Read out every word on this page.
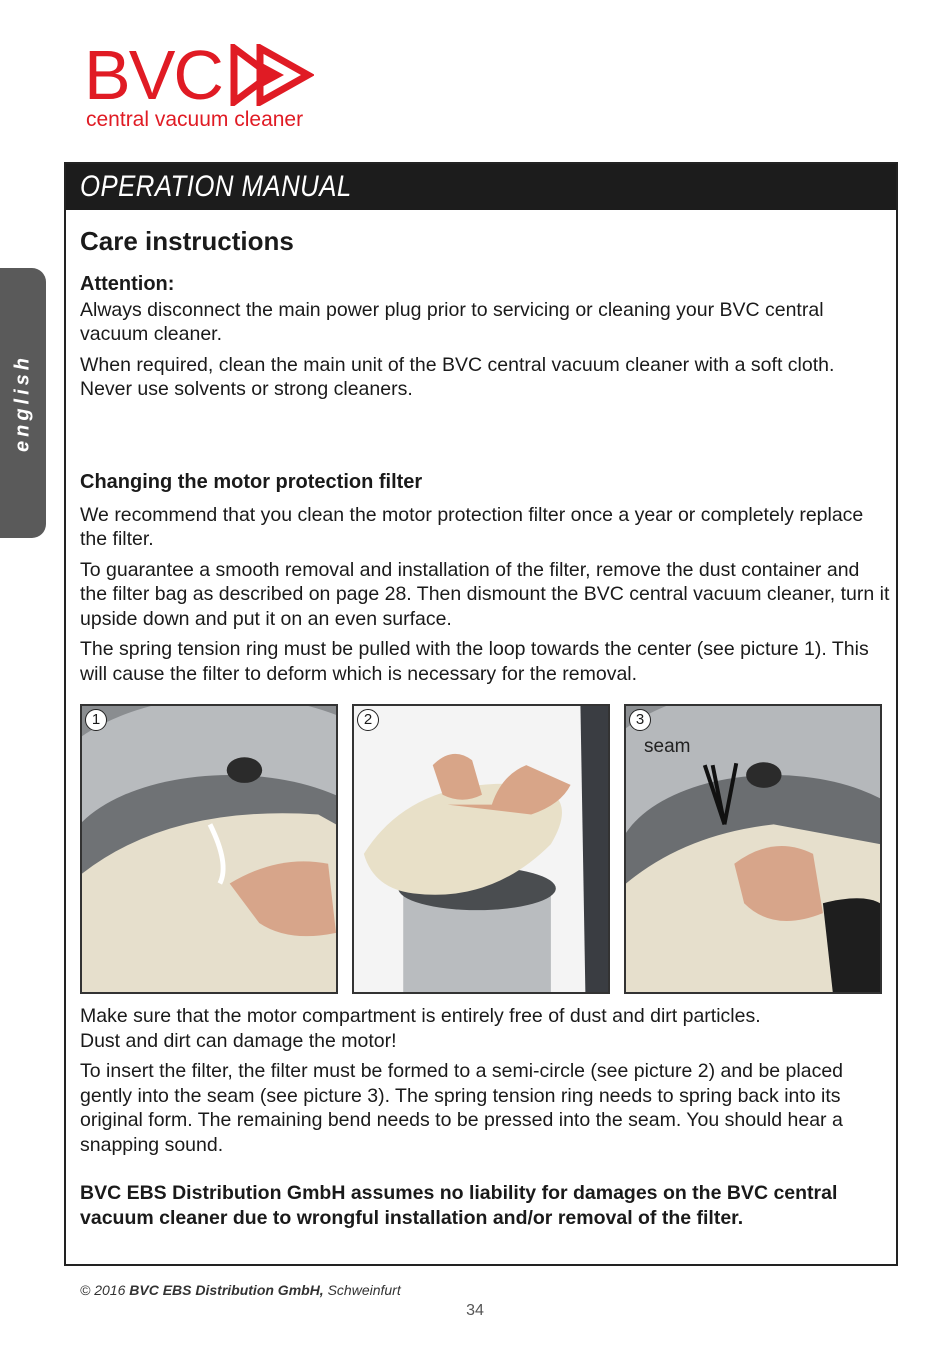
BVC
central vacuum cleaner
english
OPERATION MANUAL
Care instructions
Attention:

Always disconnect the main power plug prior to servicing or cleaning your BVC central vacuum cleaner.

When required, clean the main unit of the BVC central vacuum cleaner with a soft cloth. Never use solvents or strong cleaners.

Changing the motor protection filter

We recommend that you clean the motor protection filter once a year or completely replace the filter.

To guarantee a smooth removal and installation of the filter, remove the dust container and the filter bag as described on page 28. Then dismount the BVC central vacuum cleaner, turn it upside down and put it on an even surface.

The spring tension ring must be pulled with the loop towards the center (see picture 1). This will cause the filter to deform which is necessary for the removal.

1	2	3
seam

Make sure that the motor compartment is entirely free of dust and dirt particles.

Dust and dirt can damage the motor!

To insert the filter, the filter must be formed to a semi-circle (see picture 2) and be placed gently into the seam (see picture 3). The spring tension ring needs to spring back into its original form. The remaining bend needs to be pressed into the seam. You should hear a snapping sound.

BVC EBS Distribution GmbH assumes no liability for damages on the BVC central vacuum cleaner due to wrongful installation and/or removal of the filter.

© 2016 BVC EBS Distribution GmbH, Schweinfurt
34
